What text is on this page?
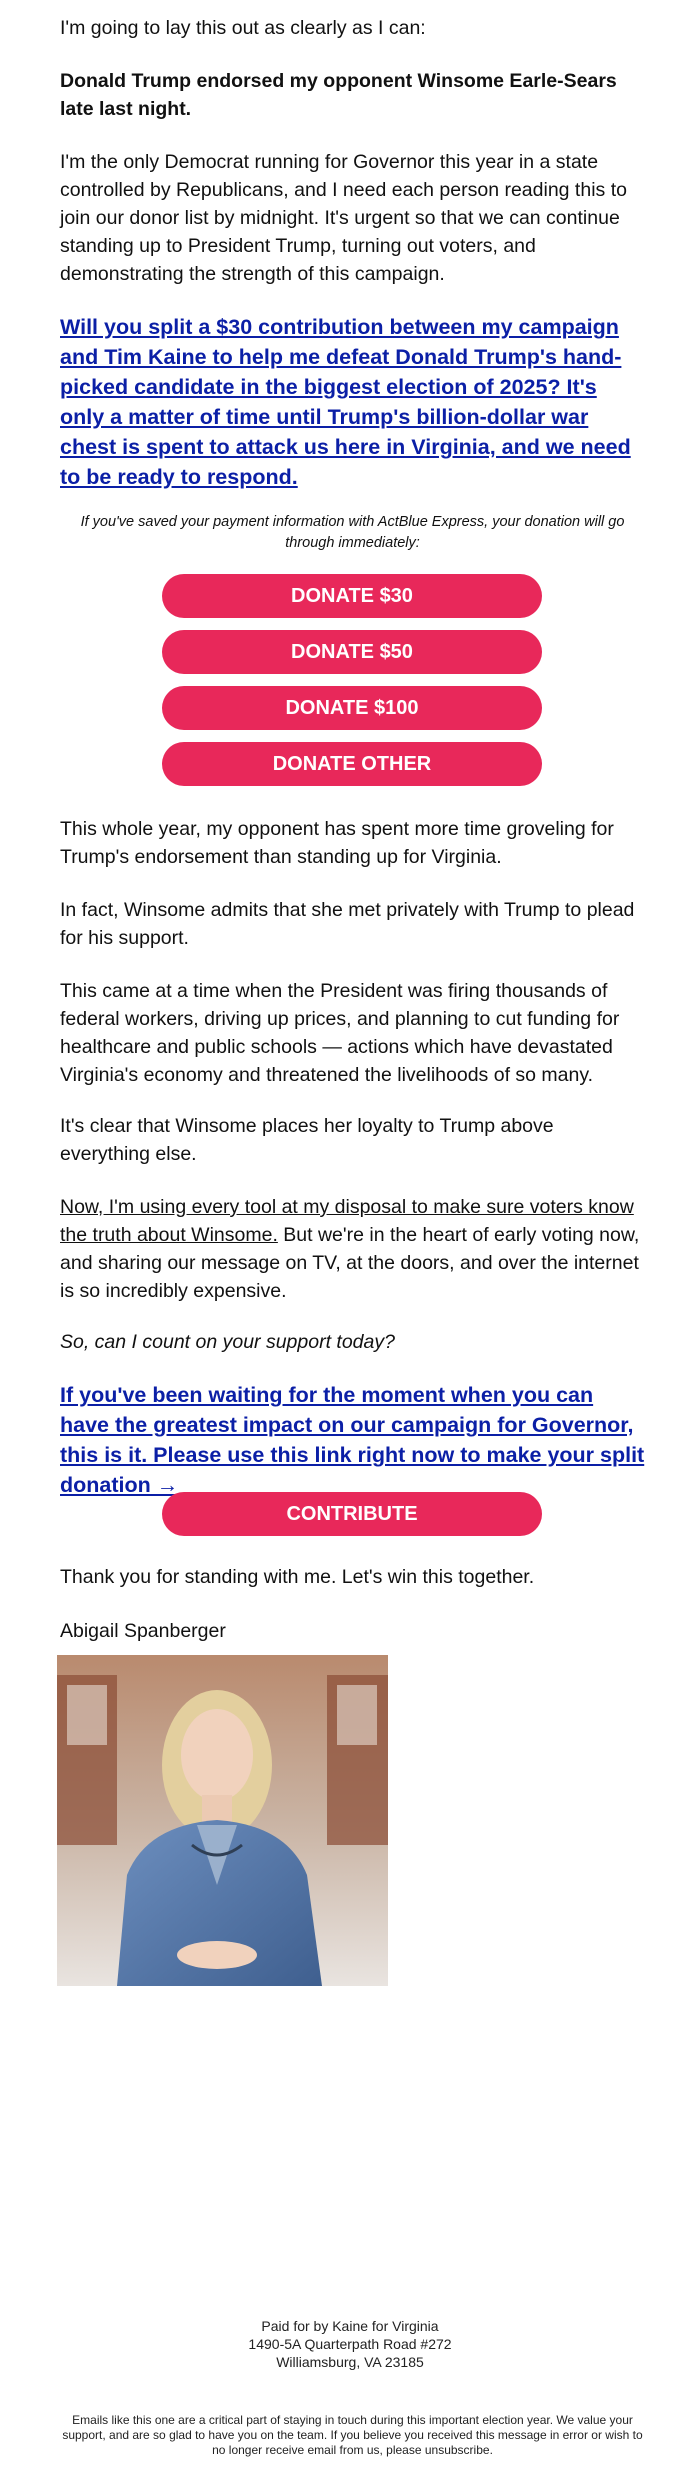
I'm going to lay this out as clearly as I can:

Donald Trump endorsed my opponent Winsome Earle-Sears late last night.

I'm the only Democrat running for Governor this year in a state controlled by Republicans, and I need each person reading this to join our donor list by midnight. It's urgent so that we can continue standing up to President Trump, turning out voters, and demonstrating the strength of this campaign.

Will you split a $30 contribution between my campaign and Tim Kaine to help me defeat Donald Trump's hand-picked candidate in the biggest election of 2025? It's only a matter of time until Trump's billion-dollar war chest is spent to attack us here in Virginia, and we need to be ready to respond.

If you've saved your payment information with ActBlue Express, your donation will go through immediately:

DONATE $30
DONATE $50
DONATE $100
DONATE OTHER

This whole year, my opponent has spent more time groveling for Trump's endorsement than standing up for Virginia.

In fact, Winsome admits that she met privately with Trump to plead for his support.

This came at a time when the President was firing thousands of federal workers, driving up prices, and planning to cut funding for healthcare and public schools — actions which have devastated Virginia's economy and threatened the livelihoods of so many.

It's clear that Winsome places her loyalty to Trump above everything else.

Now, I'm using every tool at my disposal to make sure voters know the truth about Winsome. But we're in the heart of early voting now, and sharing our message on TV, at the doors, and over the internet is so incredibly expensive.

So, can I count on your support today?

If you've been waiting for the moment when you can have the greatest impact on our campaign for Governor, this is it. Please use this link right now to make your split donation →
CONTRIBUTE

Thank you for standing with me. Let's win this together.

Abigail Spanberger

Paid for by Kaine for Virginia
1490-5A Quarterpath Road #272
Williamsburg, VA 23185
Emails like this one are a critical part of staying in touch during this important election year. We value your support, and are so glad to have you on the team. If you believe you received this message in error or wish to no longer receive email from us, please unsubscribe.
